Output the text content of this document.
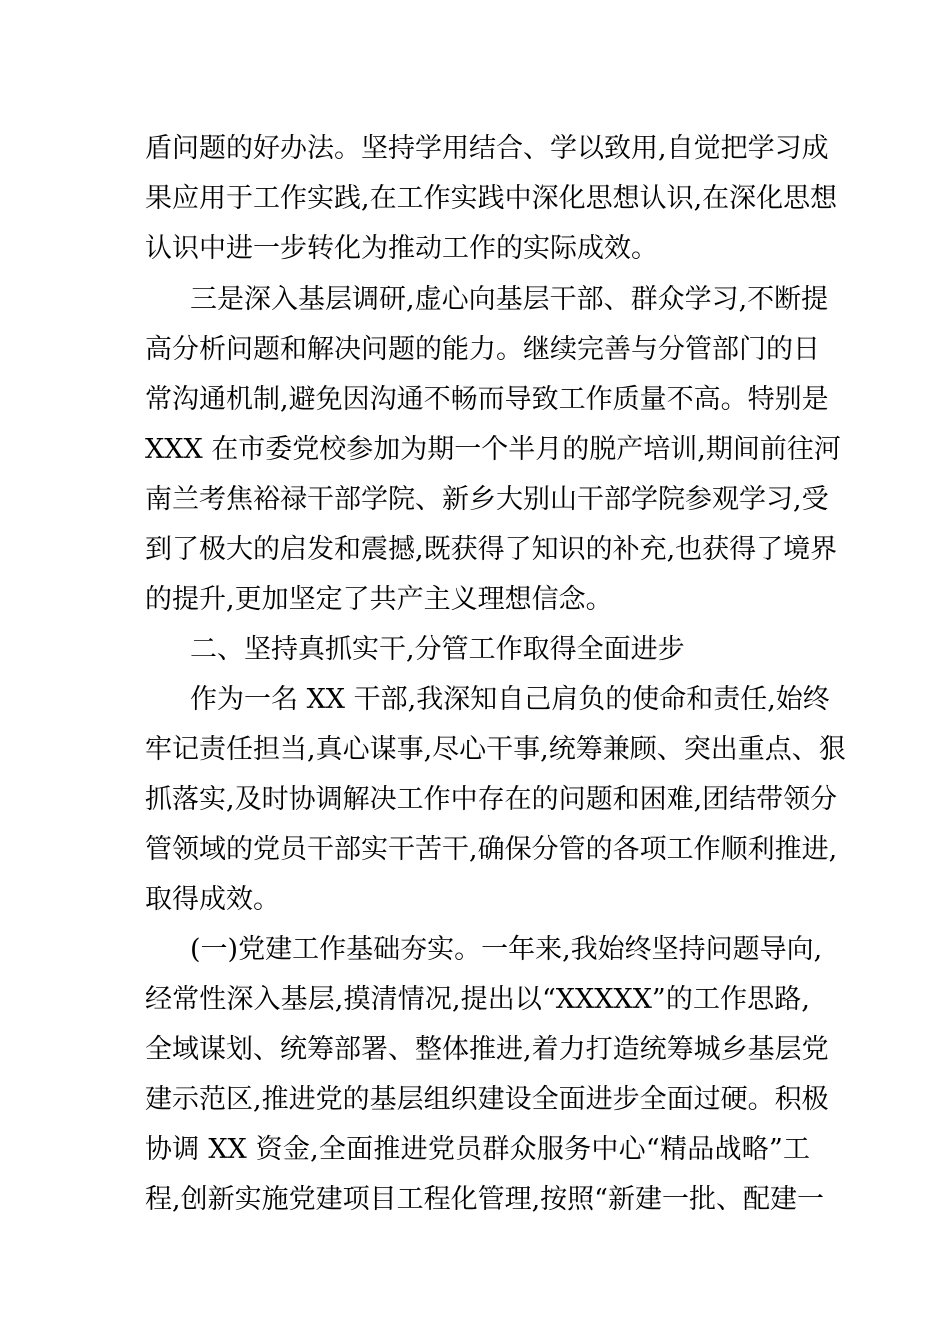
盾问题的好办法。坚持学用结合、学以致用,自觉把学习成
果应用于工作实践,在工作实践中深化思想认识,在深化思想
认识中进一步转化为推动工作的实际成效。
三是深入基层调研,虚心向基层干部、群众学习,不断提
高分析问题和解决问题的能力。继续完善与分管部门的日
常沟通机制,避免因沟通不畅而导致工作质量不高。特别是
XXX 在市委党校参加为期一个半月的脱产培训,期间前往河
南兰考焦裕禄干部学院、新乡大别山干部学院参观学习,受
到了极大的启发和震撼,既获得了知识的补充,也获得了境界
的提升,更加坚定了共产主义理想信念。
二、坚持真抓实干,分管工作取得全面进步
作为一名 XX 干部,我深知自己肩负的使命和责任,始终
牢记责任担当,真心谋事,尽心干事,统筹兼顾、突出重点、狠
抓落实,及时协调解决工作中存在的问题和困难,团结带领分
管领域的党员干部实干苦干,确保分管的各项工作顺利推进,
取得成效。
(一)党建工作基础夯实。一年来,我始终坚持问题导向,
经常性深入基层,摸清情况,提出以“XXXXX”的工作思路,
全域谋划、统筹部署、整体推进,着力打造统筹城乡基层党
建示范区,推进党的基层组织建设全面进步全面过硬。积极
协调 XX 资金,全面推进党员群众服务中心“精品战略”工
程,创新实施党建项目工程化管理,按照“新建一批、配建一
